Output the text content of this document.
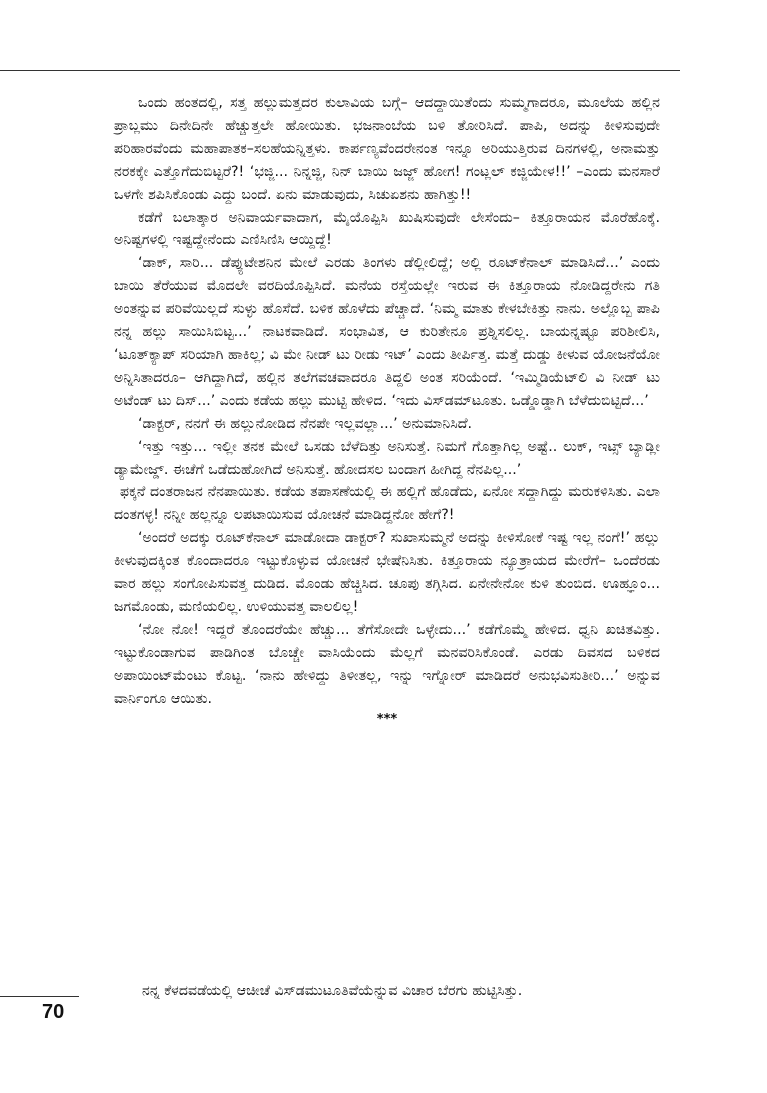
ಒಂದು ಹಂತದಲ್ಲಿ, ಸತ್ತ ಹಲ್ಲುಮತ್ತದರ ಕುಲಾವಿಯ ಬಗ್ಗೆ– ಆದದ್ದಾಯಿತೆಂದು ಸುಮ್ಮಗಾದರೂ, ಮೂಲೆಯ ಹಲ್ಲಿನ ಪ್ರಾಬ್ಲಮು ದಿನೇದಿನೇ ಹೆಚ್ಚುತ್ತಲೇ ಹೋಯಿತು. ಭಜನಾಂಬೆಯ ಬಳಿ ತೋರಿಸಿದೆ. ಪಾಪಿ, ಅದನ್ನು ಕೀಳಿಸುವುದೇ ಪರಿಹಾರವೆಂದು ಮಹಾಪಾತಕ–ಸಲಹೆಯನ್ನಿತ್ತಳು. ಕಾರ್ಪಣ್ಯವೆಂದರೇನಂತ ಇನ್ನೂ ಅರಿಯುತ್ತಿರುವ ದಿನಗಳಲ್ಲಿ, ಅನಾಮತ್ತು ನರಕಕ್ಕೇ ಎತ್ತೊಗೆದುಬಿಟ್ಟರೆ?! ‘ಭಜ್ಜಿ... ನಿನ್ನಜ್ಜಿ, ನಿನ್ ಬಾಯಿ ಜಜ್ಜ್ ಹೋಗ! ಗಂಟ್ಲಲ್ ಕಜ್ಜಿಯೇಳ!!’ –ಎಂದು ಮನಸಾರೆ ಒಳಗೇ ಶಪಿಸಿಕೊಂಡು ಎದ್ದು ಬಂದೆ. ಏನು ಮಾಡುವುದು, ಸಿಚುಏಶನು ಹಾಗಿತ್ತು!!

ಕಡೆಗೆ ಬಲಾತ್ಕಾರ ಅನಿವಾರ್ಯವಾದಾಗ, ಮೈಯೊಪ್ಪಿಸಿ ಖುಷಿಸುವುದೇ ಲೇಸೆಂದು– ಕಿತ್ತೂರಾಯನ ಮೊರೆಹೊಕ್ಕೆ. ಅನಿಷ್ಟಗಳಲ್ಲಿ ಇಷ್ಟದ್ದೇನೆಂದು ಎಣಿಸಿಣಿಸಿ ಆಯ್ದಿದ್ದೆ!

‘ಡಾಕ್, ಸಾರಿ... ಡೆಪ್ಯುಟೇಶನಿನ ಮೇಲೆ ಎರಡು ತಿಂಗಳು ಡೆಲ್ಲೀಲಿದ್ದೆ; ಅಲ್ಲಿ ರೂಟ್‌ಕೆನಾಲ್ ಮಾಡಿಸಿದೆ...’ ಎಂದು ಬಾಯಿ ತೆರೆಯುವ ಮೊದಲೇ ವರದಿಯೊಪ್ಪಿಸಿದೆ. ಮನೆಯ ರಸ್ತೆಯಲ್ಲೇ ಇರುವ ಈ ಕಿತ್ತೂರಾಯ ನೋಡಿದ್ದರೇನು ಗತಿ ಅಂತನ್ನುವ ಪರಿವೆಯಿಲ್ಲದೆ ಸುಳ್ಳು ಹೊಸೆದೆ. ಬಳಿಕ ಹೊಳೆದು ಪೆಚ್ಚಾದೆ. ‘ನಿಮ್ಮ ಮಾತು ಕೇಳಬೇಕಿತ್ತು ನಾನು. ಅಲ್ಲೊಬ್ಬ ಪಾಪಿ ನನ್ನ ಹಲ್ಲು ಸಾಯಿಸಿಬಿಟ್ಟ...’ ನಾಟಕವಾಡಿದೆ. ಸಂಭಾವಿತ, ಆ ಕುರಿತೇನೂ ಪ್ರಶ್ನಿಸಲಿಲ್ಲ. ಬಾಯನ್ನಷ್ಟೂ ಪರಿಶೀಲಿಸಿ, ‘ಟೂತ್‌ಕ್ಯಾಪ್ ಸರಿಯಾಗಿ ಹಾಕಿಲ್ಲ; ವಿ ಮೇ ನೀಡ್ ಟು ರೀಡು ಇಟ್’ ಎಂದು ತೀರ್ಪಿತ್ತ. ಮತ್ತೆ ದುಡ್ಡು ಕೀಳುವ ಯೋಜನೆಯೋ ಅನ್ನಿಸಿತಾದರೂ– ಆಗಿದ್ದಾಗಿದೆ, ಹಲ್ಲಿನ ತಲೆಗವಚವಾದರೂ ತಿದ್ದಲಿ ಅಂತ ಸರಿಯೆಂದೆ. ‘ಇಮ್ಮಿಡಿಯೆಟ್‌ಲಿ ವಿ ನೀಡ್ ಟು ಅಟೆಂಡ್ ಟು ದಿಸ್...’ ಎಂದು ಕಡೆಯ ಹಲ್ಲು ಮುಟ್ಟಿ ಹೇಳಿದ. ‘ಇದು ವಿಸ್‌ಡಮ್‌ಟೂತು. ಒಡ್ಡೊಡ್ಡಾಗಿ ಬೆಳೆದುಬಿಟ್ಟಿದೆ...’

‘ಡಾಕ್ಟರ್, ನನಗೆ ಈ ಹಲ್ಲುನೋಡಿದ ನೆನಪೇ ಇಲ್ಲವಲ್ಲಾ...’ ಅನುಮಾನಿಸಿದೆ.

‘ಇತ್ತು ಇತ್ತು... ಇಲ್ಲೀ ತನಕ ಮೇಲೆ ಒಸಡು ಬೆಳೆದಿತ್ತು ಅನಿಸುತ್ತೆ. ನಿಮಗೆ ಗೊತ್ತಾಗಿಲ್ಲ ಅಷ್ಟೆ.. ಲುಕ್, ಇಟ್ಸ್ ಬ್ಯಾಡ್ಲೀ ಡ್ಯಾಮೇಜ್ಡ್. ಈಚೆಗೆ ಒಡೆದುಹೋಗಿದೆ ಅನಿಸುತ್ತೆ. ಹೋದಸಲ ಬಂದಾಗ ಹೀಗಿದ್ದ ನೆನಪಿಲ್ಲ...’

ಫಕ್ಕನೆ ದಂತರಾಜನ ನೆನಪಾಯಿತು. ಕಡೆಯ ತಪಾಸಣೆಯಲ್ಲಿ ಈ ಹಲ್ಲಿಗೆ ಹೊಡೆದು, ಏನೋ ಸದ್ದಾಗಿದ್ದು ಮರುಕಳಿಸಿತು. ಎಲಾ ದಂತಗಳ್ಳ! ನನ್ನೀ ಹಲ್ಲನ್ನೂ ಲಪಟಾಯಿಸುವ ಯೋಚನೆ ಮಾಡಿದ್ದನೋ ಹೇಗೆ?!

‘ಅಂದರೆ ಅದಕ್ಕು ರೂಟ್‌ಕೆನಾಲ್ ಮಾಡೋದಾ ಡಾಕ್ಟರ್? ಸುಖಾಸುಮ್ಮನೆ ಅದನ್ನು ಕೀಳಿಸೋಕೆ ಇಷ್ಟ ಇಲ್ಲ ನಂಗೆ!’ ಹಲ್ಲು ಕೀಳುವುದಕ್ಕಿಂತ ಕೊಂದಾದರೂ ಇಟ್ಟುಕೊಳ್ಳುವ ಯೋಚನೆ ಭೇಷೆನಿಸಿತು. ಕಿತ್ತೂರಾಯ ನ್ಯೂತ್ರಾಯದ ಮೇರೆಗೆ– ಒಂದೆರಡು ವಾರ ಹಲ್ಲು ಸಂಗೋಪಿಸುವತ್ತ ದುಡಿದ. ಮೊಂಡು ಹೆಚ್ಚಿಸಿದ. ಚೂಪು ತಗ್ಗಿಸಿದ. ಏನೇನೇನೋ ಕುಳಿ ತುಂಬಿದ. ಊಹ್ಞೂಂ... ಜಗಮೊಂಡು, ಮಣಿಯಲಿಲ್ಲ. ಉಳಿಯುವತ್ತ ವಾಲಲಿಲ್ಲ!

‘ನೋ ನೋ! ಇದ್ದರೆ ತೊಂದರೆಯೇ ಹೆಚ್ಚು... ತೆಗೆಸೋದೇ ಒಳ್ಳೇದು...’ ಕಡೆಗೊಮ್ಮೆ ಹೇಳಿದ. ಧ್ವನಿ ಖಚಿತವಿತ್ತು. ಇಟ್ಟುಕೊಂಡಾಗುವ ಪಾಡಿಗಿಂತ ಬೊಚ್ಚೇ ವಾಸಿಯೆಂದು ಮೆಲ್ಲಗೆ ಮನವರಿಸಿಕೊಂಡೆ. ಎರಡು ದಿವಸದ ಬಳಿಕದ ಅಪಾಯಿಂಟ್‌ಮೆಂಟು ಕೊಟ್ಟ. ‘ನಾನು ಹೇಳಿದ್ದು ತಿಳೀತಲ್ಲ, ಇನ್ನು ಇಗ್ನೋರ್ ಮಾಡಿದರೆ ಅನುಭವಿಸುತೀರಿ...’ ಅನ್ನುವ ವಾರ್ನಿಂಗೂ ಆಯಿತು.

***

ನನ್ನ ಕೆಳದವಡೆಯಲ್ಲಿ ಆಚೀಚೆ ವಿಸ್‌ಡಮುಟೂತಿವೆಯೆನ್ನುವ ವಿಚಾರ ಬೆರಗು ಹುಟ್ಟಿಸಿತ್ತು.

70
